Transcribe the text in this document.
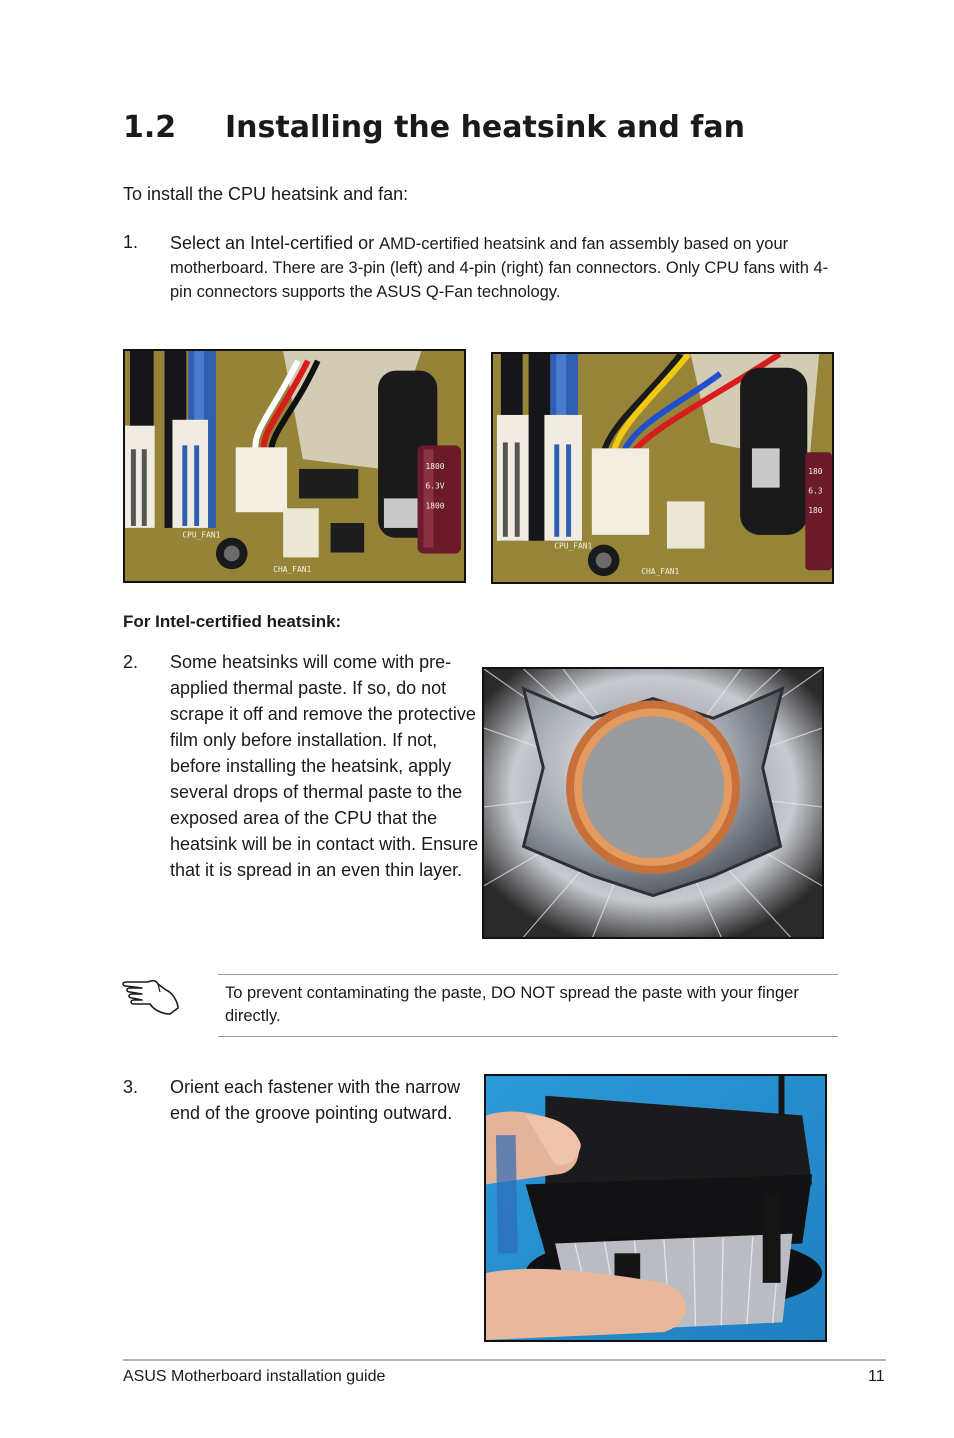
1.2 Installing the heatsink and fan
To install the CPU heatsink and fan:
1. Select an Intel-certified or AMD-certified heatsink and fan assembly based on your motherboard. There are 3-pin (left) and 4-pin (right) fan connectors. Only CPU fans with 4-pin connectors supports the ASUS Q-Fan technology.
CPU_FAN1
CHA_FAN1
1800
6.3V
1800
CPU_FAN1
CHA_FAN1
180
6.3
180
For Intel-certified heatsink:
2. Some heatsinks will come with pre-applied thermal paste. If so, do not scrape it off and remove the protective film only before installation. If not, before installing the heatsink, apply several drops of thermal paste to the exposed area of the CPU that the heatsink will be in contact with. Ensure that it is spread in an even thin layer.
To prevent contaminating the paste, DO NOT spread the paste with your finger directly.
3. Orient each fastener with the narrow end of the groove pointing outward.
ASUS Motherboard installation guide	11
